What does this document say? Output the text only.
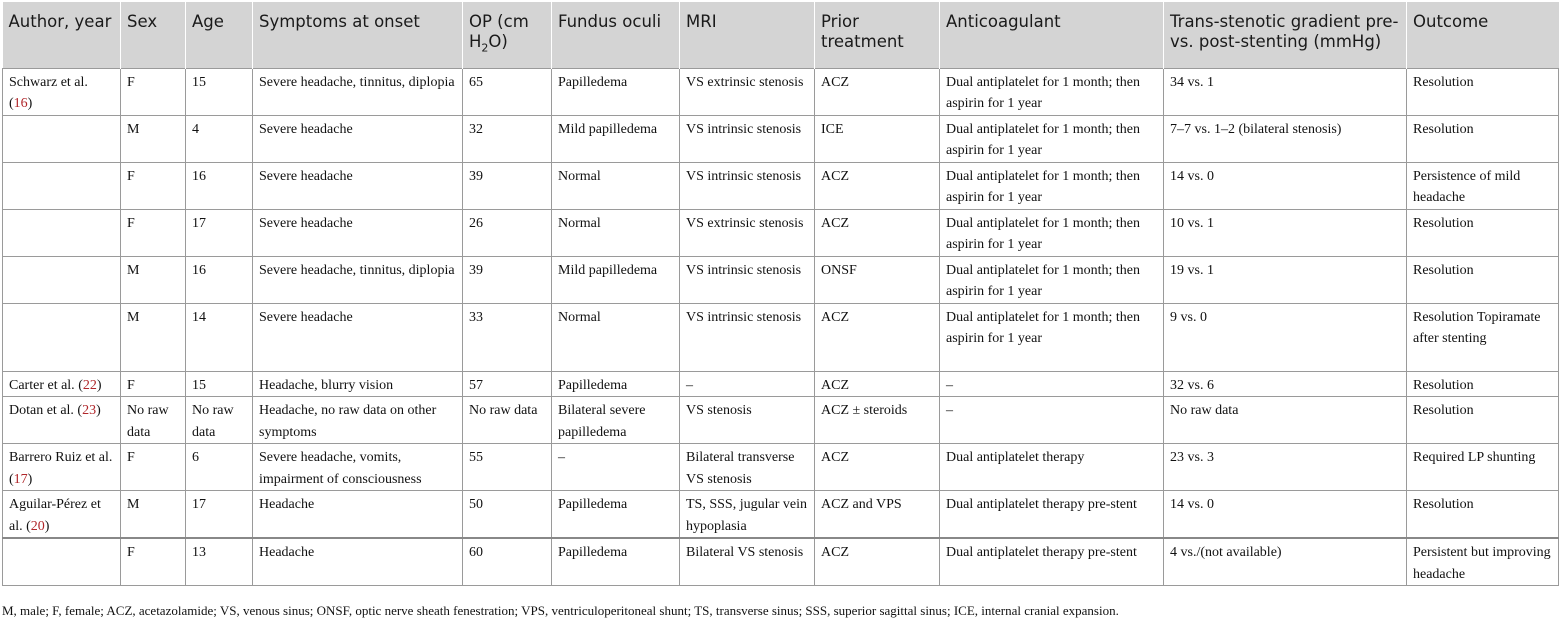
Author, year	Sex	Age	Symptoms at onset	OP (cm $H_2O$)	Fundus oculi	MRI	Prior treatment	Anticoagulant	Trans-stenotic gradient pre- vs. post-stenting (mmHg)	Outcome
Schwarz et al. (16)	F	15	Severe headache, tinnitus, diplopia	65	Papilledema	VS extrinsic stenosis	ACZ	Dual antiplatelet for 1 month; then aspirin for 1 year	34 vs. 1	Resolution
	M	4	Severe headache	32	Mild papilledema	VS intrinsic stenosis	ICE	Dual antiplatelet for 1 month; then aspirin for 1 year	7–7 vs. 1–2 (bilateral stenosis)	Resolution
	F	16	Severe headache	39	Normal	VS intrinsic stenosis	ACZ	Dual antiplatelet for 1 month; then aspirin for 1 year	14 vs. 0	Persistence of mild headache
	F	17	Severe headache	26	Normal	VS extrinsic stenosis	ACZ	Dual antiplatelet for 1 month; then aspirin for 1 year	10 vs. 1	Resolution
	M	16	Severe headache, tinnitus, diplopia	39	Mild papilledema	VS intrinsic stenosis	ONSF	Dual antiplatelet for 1 month; then aspirin for 1 year	19 vs. 1	Resolution
	M	14	Severe headache	33	Normal	VS intrinsic stenosis	ACZ	Dual antiplatelet for 1 month; then aspirin for 1 year	9 vs. 0	Resolution Topiramate after stenting
Carter et al. (22)	F	15	Headache, blurry vision	57	Papilledema	–	ACZ	–	32 vs. 6	Resolution
Dotan et al. (23)	No raw data	No raw data	Headache, no raw data on other symptoms	No raw data	Bilateral severe papilledema	VS stenosis	ACZ ± steroids	–	No raw data	Resolution
Barrero Ruiz et al. (17)	F	6	Severe headache, vomits, impairment of consciousness	55	–	Bilateral transverse VS stenosis	ACZ	Dual antiplatelet therapy	23 vs. 3	Required LP shunting
Aguilar-Pérez et al. (20)	M	17	Headache	50	Papilledema	TS, SSS, jugular vein hypoplasia	ACZ and VPS	Dual antiplatelet therapy pre-stent	14 vs. 0	Resolution
	F	13	Headache	60	Papilledema	Bilateral VS stenosis	ACZ	Dual antiplatelet therapy pre-stent	4 vs./(not available)	Persistent but improving headache
M, male; F, female; ACZ, acetazolamide; VS, venous sinus; ONSF, optic nerve sheath fenestration; VPS, ventriculoperitoneal shunt; TS, transverse sinus; SSS, superior sagittal sinus; ICE, internal cranial expansion.
